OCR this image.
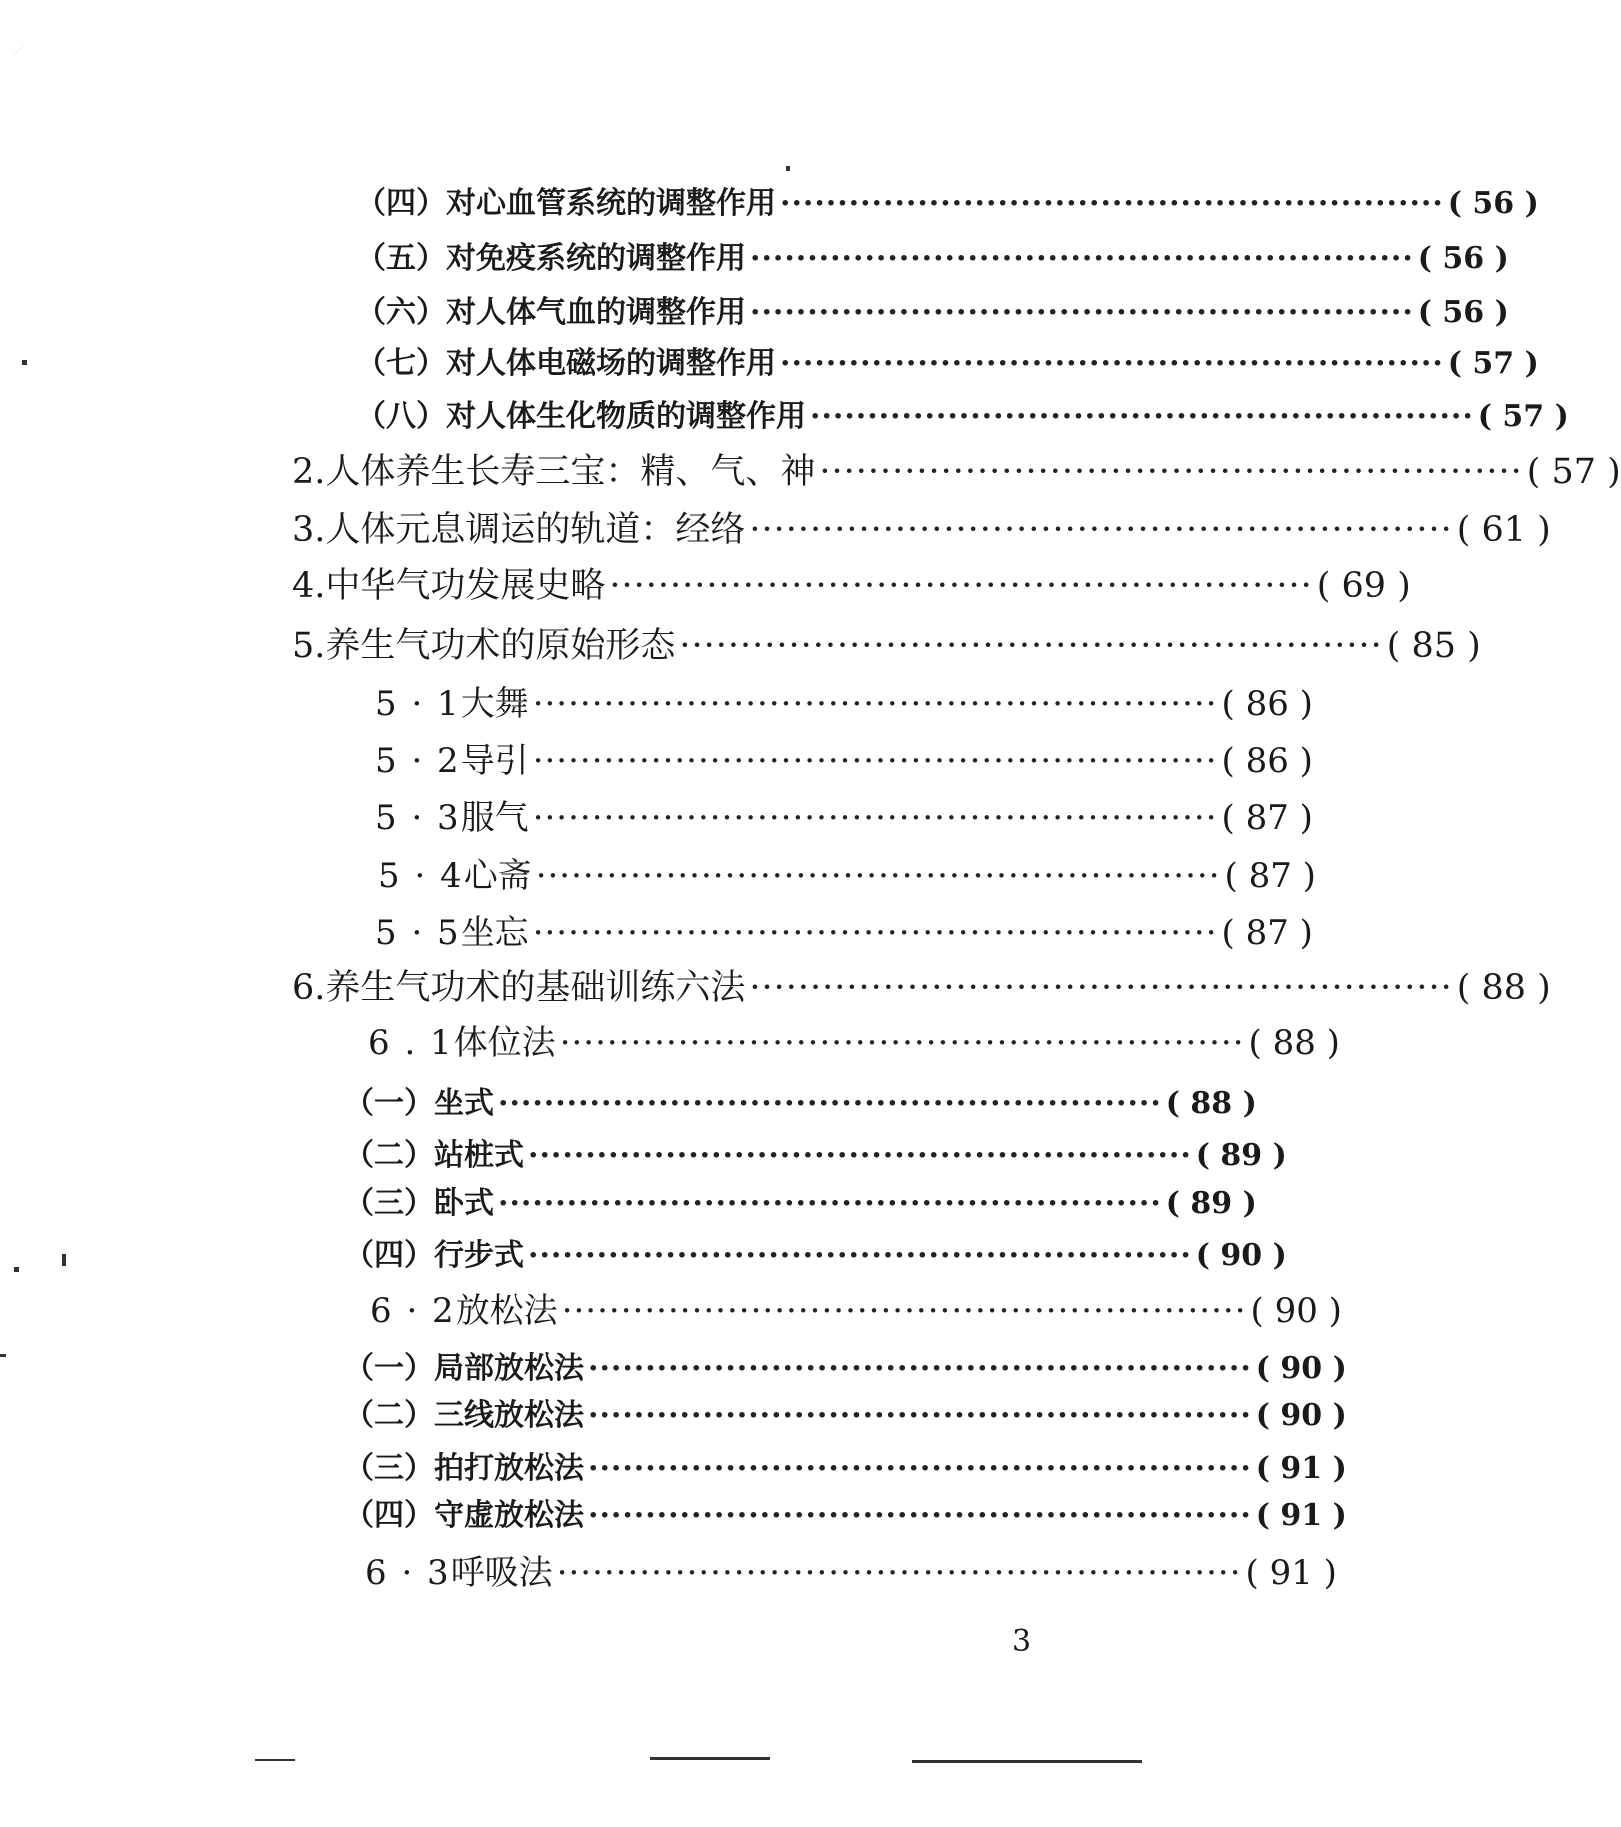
（四） 对心血管系统的调整作用 ·························································· ( 56 )
（五） 对免疫系统的调整作用 ·························································· ( 56 )
（六） 对人体气血的调整作用 ·························································· ( 56 )
（七） 对人体电磁场的调整作用 ·························································· ( 57 )
（八） 对人体生化物质的调整作用 ·························································· ( 57 )
2. 人体养生长寿三宝：精、气、神 ·························································· ( 57 )
3. 人体元息调运的轨道：经络 ·························································· ( 61 )
4. 中华气功发展史略 ·························································· ( 69 )
5. 养生气功术的原始形态 ·························································· ( 85 )
5 · 1 大舞 ·························································· ( 86 )
5 · 2 导引 ·························································· ( 86 )
5 · 3 服气 ·························································· ( 87 )
5 · 4 心斋 ·························································· ( 87 )
5 · 5 坐忘 ·························································· ( 87 )
6. 养生气功术的基础训练六法 ·························································· ( 88 )
6 . 1 体位法 ·························································· ( 88 )
（一） 坐式 ·························································· ( 88 )
（二） 站桩式 ·························································· ( 89 )
（三） 卧式 ·························································· ( 89 )
（四） 行步式 ·························································· ( 90 )
6 · 2 放松法 ·························································· ( 90 )
（一） 局部放松法 ·························································· ( 90 )
（二） 三线放松法 ·························································· ( 90 )
（三） 拍打放松法 ·························································· ( 91 )
（四） 守虚放松法 ·························································· ( 91 )
6 · 3 呼吸法 ·························································· ( 91 )
3
· · · ·
